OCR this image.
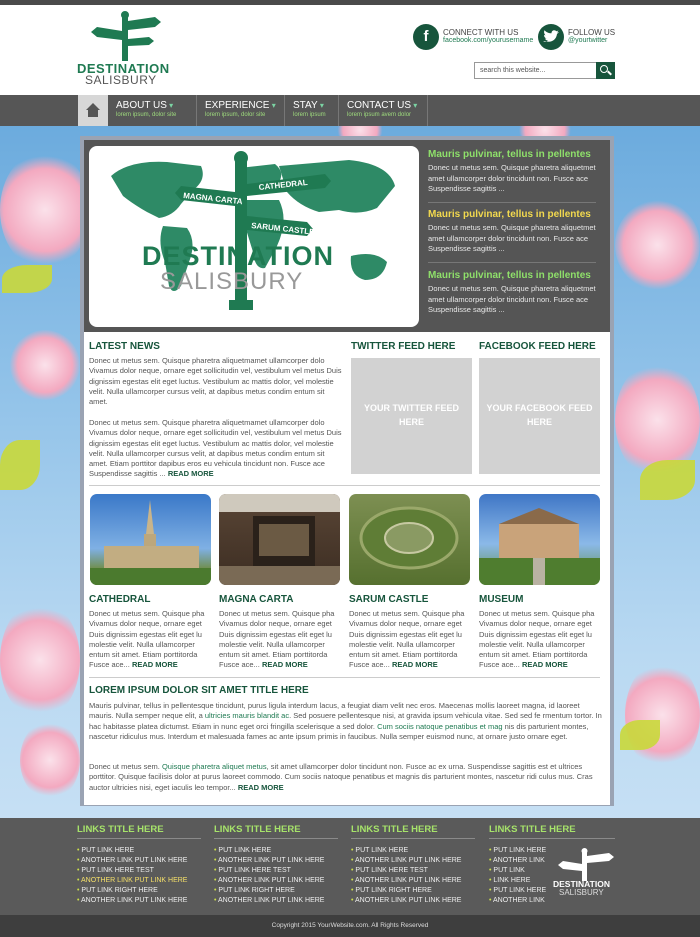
DESTINATION
SALISBURY
f	CONNECT WITH US
facebook.com/yourusername
FOLLOW US
@yourtwitter
search this website...
ABOUT US ▾
lorem ipsum, dolor site
EXPERIENCE ▾
lorem ipsum, dolor site
STAY ▾
lorem ipsum
CONTACT US ▾
lorem ipsum avem dolor
CATHEDRAL
MAGNA CARTA
SARUM CASTLE
DESTINATION
SALISBURY
Mauris pulvinar, tellus in pellentes
Donec ut metus sem. Quisque pharetra aliquetmet amet ullamcorper dolor tincidunt non. Fusce ace Suspendisse sagittis ...
Mauris pulvinar, tellus in pellentes
Donec ut metus sem. Quisque pharetra aliquetmet amet ullamcorper dolor tincidunt non. Fusce ace Suspendisse sagittis ...
Mauris pulvinar, tellus in pellentes
Donec ut metus sem. Quisque pharetra aliquetmet amet ullamcorper dolor tincidunt non. Fusce ace Suspendisse sagittis ...
LATEST NEWS
Donec ut metus sem. Quisque pharetra aliquetmamet ullamcorper dolo Vivamus dolor neque, ornare eget sollicitudin vel, vestibulum vel metus Duis dignissim egestas elit eget luctus. Vestibulum ac mattis dolor, vel molestie velit. Nulla ullamcorper cursus velit, at dapibus metus condim entum sit amet.
Donec ut metus sem. Quisque pharetra aliquetmamet ullamcorper dolo Vivamus dolor neque, ornare eget sollicitudin vel, vestibulum vel metus Duis dignissim egestas elit eget luctus. Vestibulum ac mattis dolor, vel molestie velit. Nulla ullamcorper cursus velit, at dapibus metus condim entum sit amet. Etiam porttitor dapibus eros eu vehicula tincidunt non. Fusce ace Suspendisse sagittis ... READ MORE
TWITTER FEED HERE
YOUR TWITTER FEED HERE
FACEBOOK FEED HERE
YOUR FACEBOOK FEED HERE
CATHEDRAL
Donec ut metus sem. Quisque pha Vivamus dolor neque, ornare eget Duis dignissim egestas elit eget lu molestie velit. Nulla ullamcorper entum sit amet. Etiam porttitorda Fusce ace... READ MORE
MAGNA CARTA
Donec ut metus sem. Quisque pha Vivamus dolor neque, ornare eget Duis dignissim egestas elit eget lu molestie velit. Nulla ullamcorper entum sit amet. Etiam porttitorda Fusce ace... READ MORE
SARUM CASTLE
Donec ut metus sem. Quisque pha Vivamus dolor neque, ornare eget Duis dignissim egestas elit eget lu molestie velit. Nulla ullamcorper entum sit amet. Etiam porttitorda Fusce ace... READ MORE
MUSEUM
Donec ut metus sem. Quisque pha Vivamus dolor neque, ornare eget Duis dignissim egestas elit eget lu molestie velit. Nulla ullamcorper entum sit amet. Etiam porttitorda Fusce ace... READ MORE
LOREM IPSUM DOLOR SIT AMET TITLE HERE
Mauris pulvinar, tellus in pellentesque tincidunt, purus ligula interdum lacus, a feugiat diam velit nec eros. Maecenas mollis laoreet magna, id laoreet mauris. Nulla semper neque elit, a ultricies mauris blandit ac. Sed posuere pellentesque nisi, at gravida ipsum vehicula vitae. Sed sed fe rmentum tortor. In hac habitasse platea dictumst. Etiam in nunc eget orci fringilla scelerisque a sed dolor. Cum sociis natoque penatibus et mag nis dis parturient montes, nascetur ridiculus mus. Interdum et malesuada fames ac ante ipsum primis in faucibus. Nulla semper euismod nunc, at ornare justo ornare eget.
Donec ut metus sem. Quisque pharetra aliquet metus, sit amet ullamcorper dolor tincidunt non. Fusce ac ex urna. Suspendisse sagittis est et ultrices porttitor. Quisque facilisis dolor at purus laoreet commodo. Cum sociis natoque penatibus et magnis dis parturient montes, nascetur ridi culus mus. Cras auctor ultricies nisi, eget iaculis leo tempor... READ MORE
LINKS TITLE HERE
• PUT LINK HERE
• ANOTHER LINK PUT LINK HERE
• PUT LINK HERE TEST
• ANOTHER LINK PUT LINK HERE
• PUT LINK RIGHT HERE
• ANOTHER LINK PUT LINK HERE
LINKS TITLE HERE
• PUT LINK HERE
• ANOTHER LINK PUT LINK HERE
• PUT LINK HERE TEST
• ANOTHER LINK PUT LINK HERE
• PUT LINK RIGHT HERE
• ANOTHER LINK PUT LINK HERE
LINKS TITLE HERE
• PUT LINK HERE
• ANOTHER LINK PUT LINK HERE
• PUT LINK HERE TEST
• ANOTHER LINK PUT LINK HERE
• PUT LINK RIGHT HERE
• ANOTHER LINK PUT LINK HERE
LINKS TITLE HERE
• PUT LINK HERE
• ANOTHER LINK
• PUT LINK
• LINK HERE
• PUT LINK HERE
• ANOTHER LINK
DESTINATION
SALISBURY
Copyright 2015 YourWebsite.com. All Rights Reserved
